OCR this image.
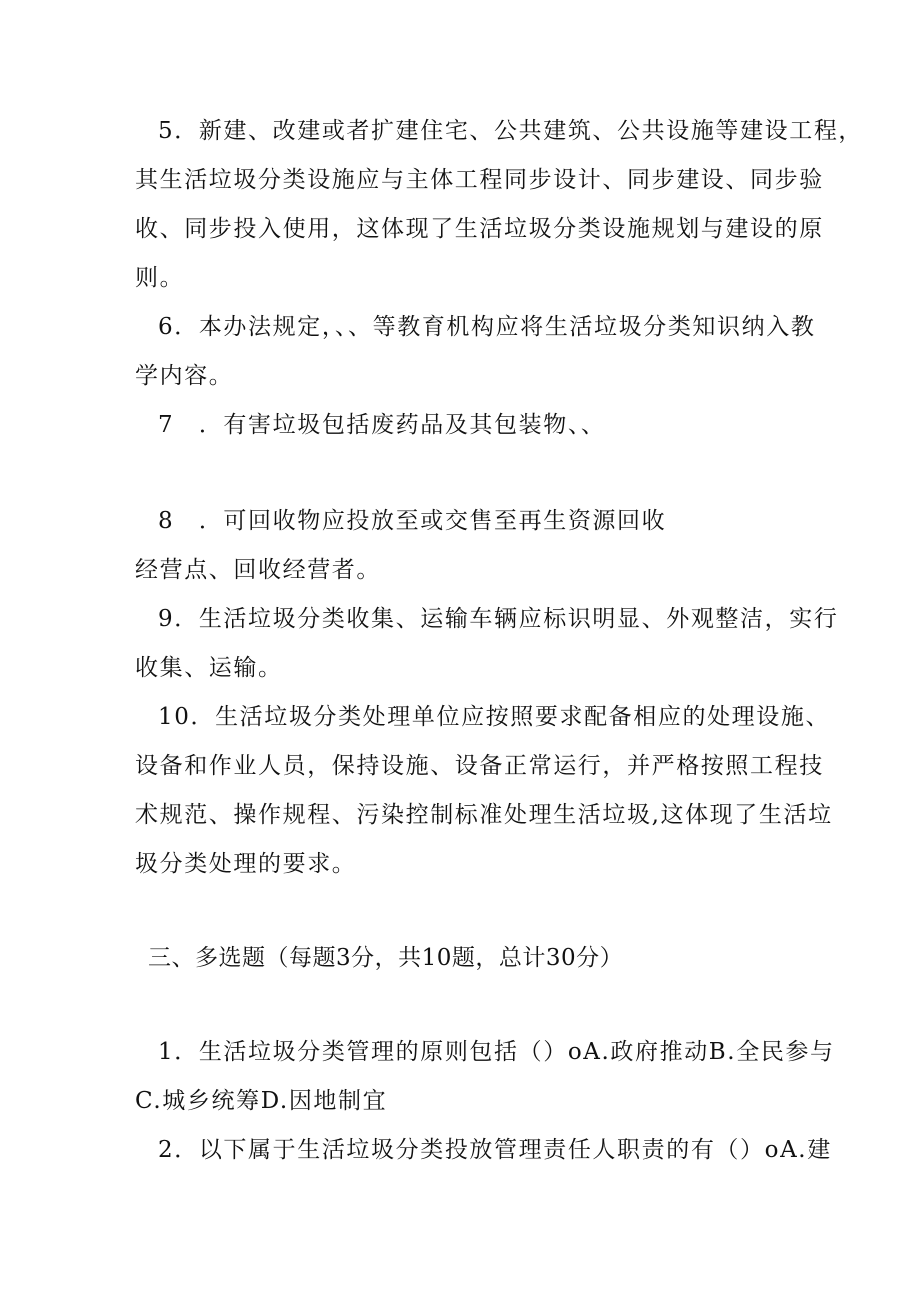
5．新建、改建或者扩建住宅、公共建筑、公共设施等建设工程，
其生活垃圾分类设施应与主体工程同步设计、同步建设、同步验
收、同步投入使用，这体现了生活垃圾分类设施规划与建设的原
则。
6．本办法规定，、、等教育机构应将生活垃圾分类知识纳入教
学内容。
7　．有害垃圾包括废药品及其包装物、、
8　．可回收物应投放至或交售至再生资源回收
经营点、回收经营者。
9．生活垃圾分类收集、运输车辆应标识明显、外观整洁，实行
收集、运输。
10．生活垃圾分类处理单位应按照要求配备相应的处理设施、
设备和作业人员，保持设施、设备正常运行，并严格按照工程技
术规范、操作规程、污染控制标准处理生活垃圾,这体现了生活垃
圾分类处理的要求。
三、多选题（每题3分，共10题，总计30分）
1．生活垃圾分类管理的原则包括（）oA.政府推动B.全民参与
C.城乡统筹D.因地制宜
2．以下属于生活垃圾分类投放管理责任人职责的有（）oA.建
